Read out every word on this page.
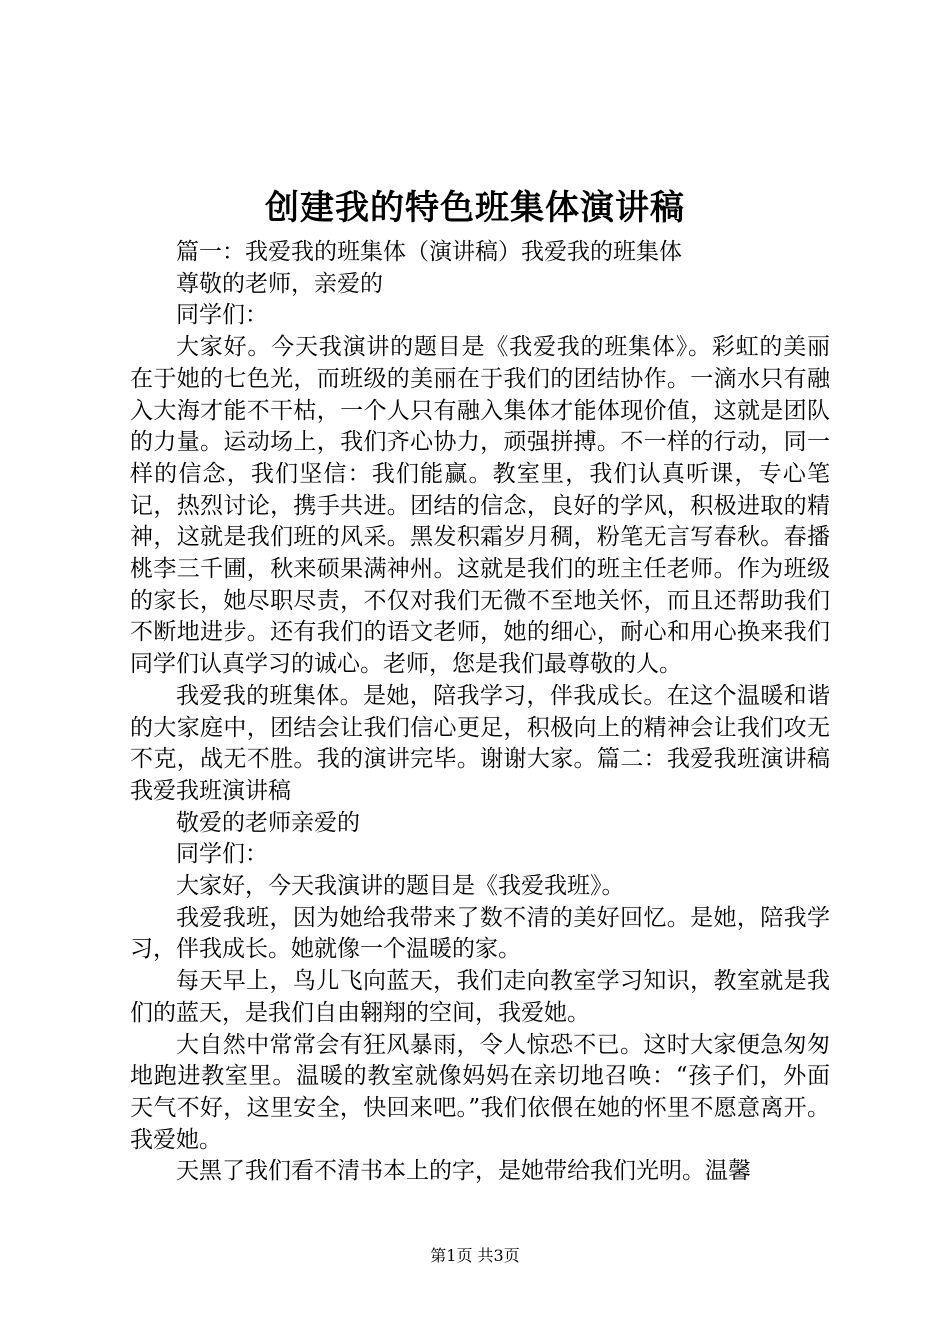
创建我的特色班集体演讲稿

篇一：我爱我的班集体（演讲稿）我爱我的班集体

尊敬的老师，亲爱的

同学们：

大家好。今天我演讲的题目是《我爱我的班集体》。彩虹的美丽在于她的七色光，而班级的美丽在于我们的团结协作。一滴水只有融入大海才能不干枯，一个人只有融入集体才能体现价值，这就是团队的力量。运动场上，我们齐心协力，顽强拼搏。不一样的行动，同一样的信念，我们坚信：我们能赢。教室里，我们认真听课，专心笔记，热烈讨论，携手共进。团结的信念，良好的学风，积极进取的精神，这就是我们班的风采。黑发积霜岁月稠，粉笔无言写春秋。春播桃李三千圃，秋来硕果满神州。这就是我们的班主任老师。作为班级的家长，她尽职尽责，不仅对我们无微不至地关怀，而且还帮助我们不断地进步。还有我们的语文老师，她的细心，耐心和用心换来我们同学们认真学习的诚心。老师，您是我们最尊敬的人。

我爱我的班集体。是她，陪我学习，伴我成长。在这个温暖和谐的大家庭中，团结会让我们信心更足，积极向上的精神会让我们攻无不克，战无不胜。我的演讲完毕。谢谢大家。篇二：我爱我班演讲稿我爱我班演讲稿

敬爱的老师亲爱的

同学们：

大家好，今天我演讲的题目是《我爱我班》。

我爱我班，因为她给我带来了数不清的美好回忆。是她，陪我学习，伴我成长。她就像一个温暖的家。

每天早上，鸟儿飞向蓝天，我们走向教室学习知识，教室就是我们的蓝天，是我们自由翱翔的空间，我爱她。

大自然中常常会有狂风暴雨，令人惊恐不已。这时大家便急匆匆地跑进教室里。温暖的教室就像妈妈在亲切地召唤：“孩子们，外面天气不好，这里安全，快回来吧。”我们依偎在她的怀里不愿意离开。我爱她。

天黑了我们看不清书本上的字，是她带给我们光明。温馨

第1页 共3页
